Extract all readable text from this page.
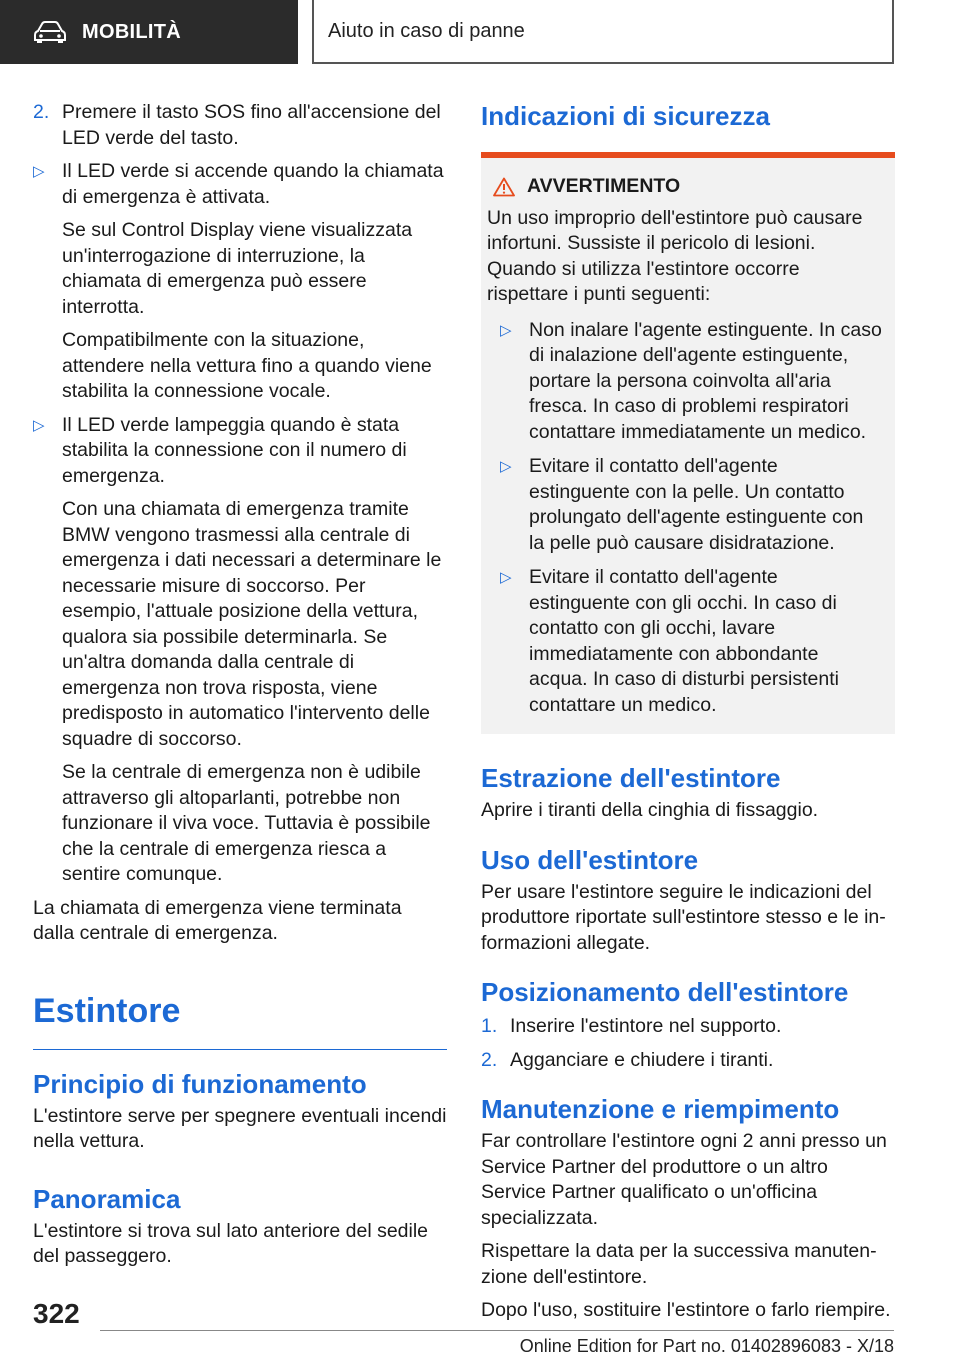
MOBILITÀ	Aiuto in caso di panne
2. Premere il tasto SOS fino all'accensione del LED verde del tasto.

▷ Il LED verde si accende quando la chiamata di emergenza è attivata.

Se sul Control Display viene visualizzata un'interrogazione di interruzione, la chiamata di emergenza può essere interrotta.

Compatibilmente con la situazione, attendere nella vettura fino a quando viene stabilita la connessione vocale.

▷ Il LED verde lampeggia quando è stata stabilita la connessione con il numero di emergenza.

Con una chiamata di emergenza tramite BMW vengono trasmessi alla centrale di emergenza i dati necessari a determinare le necessarie misure di soccorso. Per esempio, l'attuale posizione della vettura, qualora sia possibile determinarla. Se un'altra domanda dalla centrale di emergenza non trova risposta, viene predisposto in automatico l'intervento delle squadre di soccorso.

Se la centrale di emergenza non è udibile attraverso gli altoparlanti, potrebbe non funzionare il viva voce. Tuttavia è possibile che la centrale di emergenza riesca a sentire comunque.

La chiamata di emergenza viene terminata dalla centrale di emergenza.

Estintore
Principio di funzionamento

L'estintore serve per spegnere eventuali incendi nella vettura.

Panoramica

L'estintore si trova sul lato anteriore del sedile del passeggero.

Indicazioni di sicurezza
AVVERTIMENTO

Un uso improprio dell'estintore può causare infortuni. Sussiste il pericolo di lesioni. Quando si utilizza l'estintore occorre rispettare i punti seguenti:

▷ Non inalare l'agente estinguente. In caso di inalazione dell'agente estinguente, portare la persona coinvolta all'aria fresca. In caso di problemi respiratori contattare immediatamente un medico.

▷ Evitare il contatto dell'agente estinguente con la pelle. Un contatto prolungato dell'agente estinguente con la pelle può causare disidratazione.

▷ Evitare il contatto dell'agente estinguente con gli occhi. In caso di contatto con gli occhi, lavare immediatamente con abbondante acqua. In caso di disturbi persistenti contattare un medico.

Estrazione dell'estintore

Aprire i tiranti della cinghia di fissaggio.

Uso dell'estintore

Per usare l'estintore seguire le indicazioni del produttore riportate sull'estintore stesso e le informazioni allegate.

Posizionamento dell'estintore
1. Inserire l'estintore nel supporto.

2. Agganciare e chiudere i tiranti.

Manutenzione e riempimento

Far controllare l'estintore ogni 2 anni presso un Service Partner del produttore o un altro Service Partner qualificato o un'officina specializzata.

Rispettare la data per la successiva manutenzione dell'estintore.

Dopo l'uso, sostituire l'estintore o farlo riempire.

322
Online Edition for Part no. 01402896083 - X/18
